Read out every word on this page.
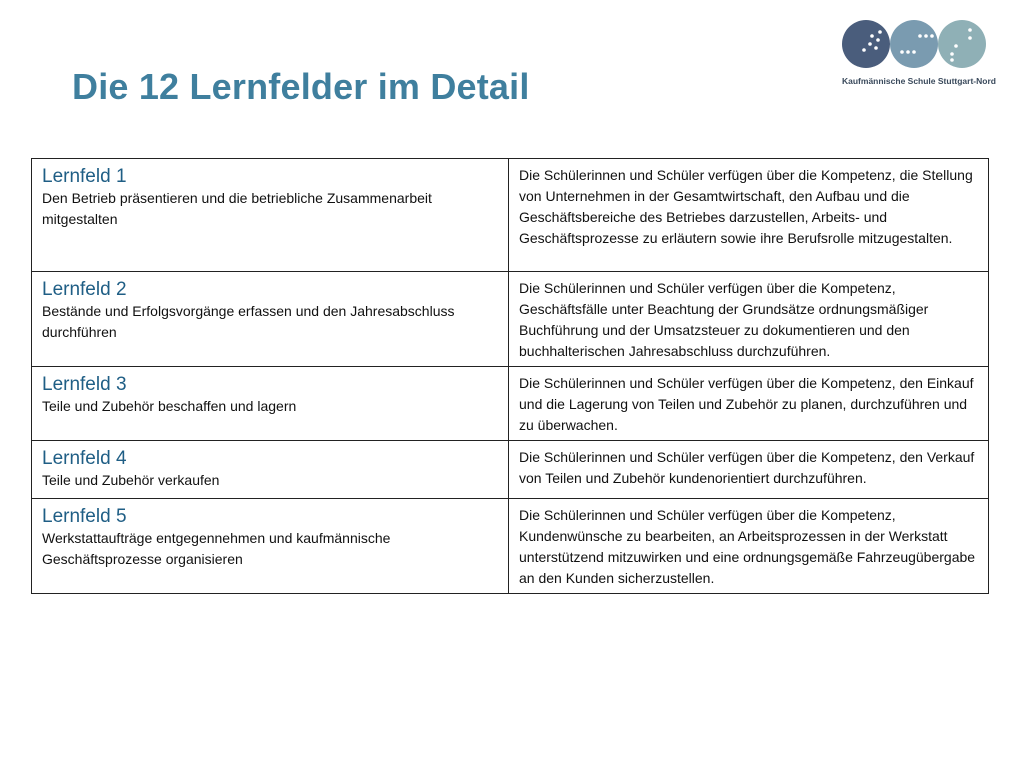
Die 12 Lernfelder im Detail	Kaufmännische Schule Stuttgart-Nord
Lernfeld 1
Den Betrieb präsentieren und die betriebliche Zusammenarbeit mitgestalten	Die Schülerinnen und Schüler verfügen über die Kompetenz, die Stellung von Unternehmen in der Gesamtwirtschaft, den Aufbau und die Geschäftsbereiche des Betriebes darzustellen, Arbeits- und Geschäftsprozesse zu erläutern sowie ihre Berufsrolle mitzugestalten.

Lernfeld 2
Bestände und Erfolgsvorgänge erfassen und den Jahresabschluss durchführen	Die Schülerinnen und Schüler verfügen über die Kompetenz, Geschäftsfälle unter Beachtung der Grundsätze ordnungsmäßiger Buchführung und der Umsatzsteuer zu dokumentieren und den buchhalterischen Jahresabschluss durchzuführen.

Lernfeld 3
Teile und Zubehör beschaffen und lagern	Die Schülerinnen und Schüler verfügen über die Kompetenz, den Einkauf und die Lagerung von Teilen und Zubehör zu planen, durchzuführen und zu überwachen.

Lernfeld 4
Teile und Zubehör verkaufen	Die Schülerinnen und Schüler verfügen über die Kompetenz, den Verkauf von Teilen und Zubehör kundenorientiert durchzuführen.

Lernfeld 5
Werkstattaufträge entgegennehmen und kaufmännische Geschäftsprozesse organisieren	Die Schülerinnen und Schüler verfügen über die Kompetenz, Kundenwünsche zu bearbeiten, an Arbeitsprozessen in der Werkstatt unterstützend mitzuwirken und eine ordnungsgemäße Fahrzeugübergabe an den Kunden sicherzustellen.
